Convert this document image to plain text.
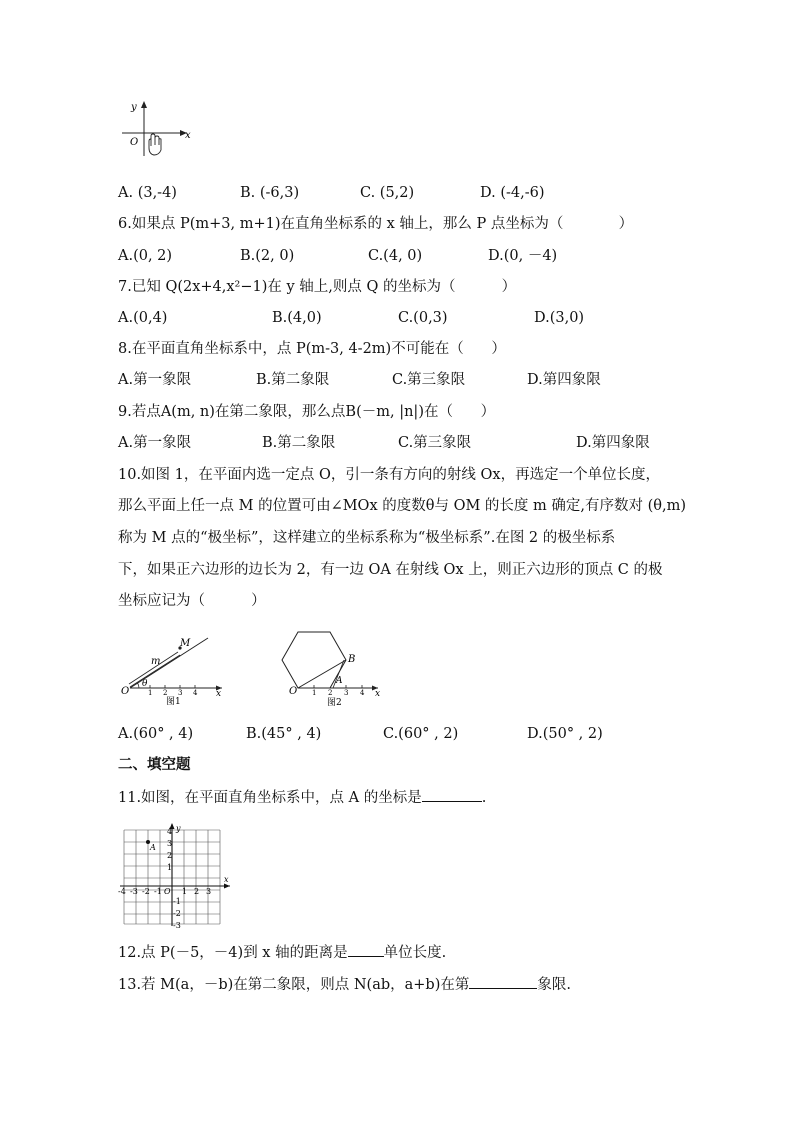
y
x
O
A. (3,-4)	B. (-6,3)	C. (5,2)	D. (-4,-6)
6.如果点 P(m+3, m+1)在直角坐标系的 x 轴上，那么 P 点坐标为（            ）
A.(0, 2)	B.(2, 0)	C.(4, 0)	D.(0, －4)
7.已知 Q(2x+4,x²−1)在 y 轴上,则点 Q 的坐标为（          ）
A.(0,4)	B.(4,0)	C.(0,3)	D.(3,0)
8.在平面直角坐标系中，点 P(m-3, 4-2m)不可能在（      ）
A.第一象限	B.第二象限	C.第三象限	D.第四象限
9.若点A(m, n)在第二象限，那么点B(－m, |n|)在（      ）
A.第一象限	B.第二象限	C.第三象限	D.第四象限
10.如图 1，在平面内选一定点 O，引一条有方向的射线 Ox，再选定一个单位长度，
那么平面上任一点 M 的位置可由∠MOx 的度数θ与 OM 的长度 m 确定,有序数对 (θ,m)
称为 M 点的“极坐标”，这样建立的坐标系称为“极坐标系”.在图 2 的极坐标系
下，如果正六边形的边长为 2，有一边 OA 在射线 Ox 上，则正六边形的顶点 C 的极
坐标应记为（          ）
M
m
θ
O	x
1 2 3 4
图1
O
A
B
x
1 2 3 4
图2
A.(60° , 4)	B.(45° , 4)	C.(60° , 2)	D.(50° , 2)
二、填空题
11.如图，在平面直角坐标系中，点 A 的坐标是	.
A
y
x
O
-4 -3 -2 -1	1 2 3
4
3
2
1
-1
-2
-3
12.点 P(－5，－4)到 x 轴的距离是 单位长度.
13.若 M(a，－b)在第二象限，则点 N(ab，a+b)在第	象限.
